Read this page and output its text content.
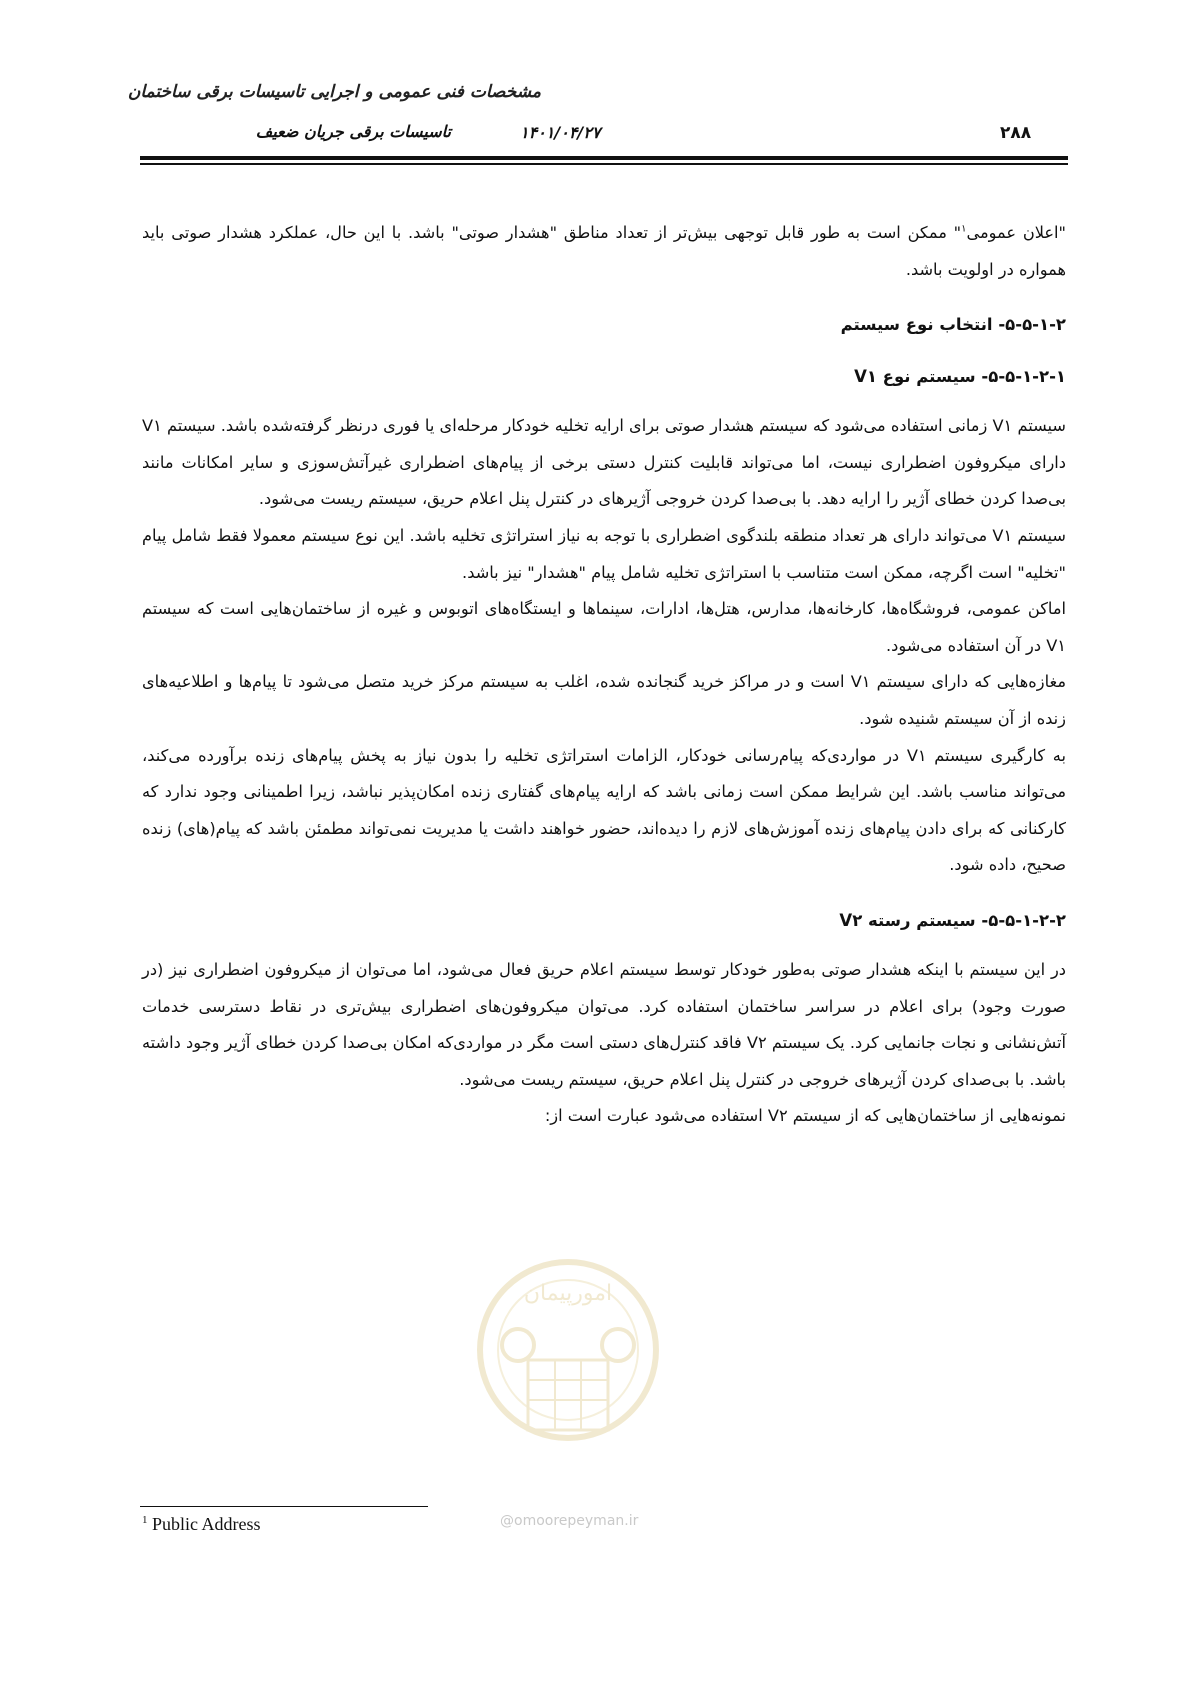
مشخصات فنی عمومی و اجرایی تاسیسات برقی ساختمان
تاسیسات برقی جریان ضعیف	۱۴۰۱/۰۴/۲۷	۲۸۸

"اعلان عمومی$^۱$" ممکن است به طور قابل توجهی بیش‌تر از تعداد مناطق "هشدار صوتی" باشد. با این حال، عملکرد هشدار صوتی باید همواره در اولویت باشد.

۵-۵-۱-۲- انتخاب نوع سیستم
۵-۵-۱-۲-۱- سیستم نوع V۱

سیستم V۱ زمانی استفاده می‌شود که سیستم هشدار صوتی برای ارایه تخلیه خودکار مرحله‌ای یا فوری درنظر گرفته‌شده باشد. سیستم V۱ دارای میکروفون اضطراری نیست، اما می‌تواند قابلیت کنترل دستی برخی از پیام‌های اضطراری غیرآتش‌سوزی و سایر امکانات مانند بی‌صدا کردن خطای آژیر را ارایه دهد. با بی‌صدا کردن خروجی آژیرهای در کنترل پنل اعلام حریق، سیستم ریست می‌شود.

سیستم V۱ می‌تواند دارای هر تعداد منطقه بلندگوی اضطراری با توجه به نیاز استراتژی تخلیه باشد. این نوع سیستم معمولا فقط شامل پیام "تخلیه" است اگرچه، ممکن است متناسب با استراتژی تخلیه شامل پیام "هشدار" نیز باشد.

اماکن عمومی، فروشگاه‌ها، کارخانه‌ها، مدارس، هتل‌ها، ادارات، سینماها و ایستگاه‌های اتوبوس و غیره از ساختمان‌هایی است که سیستم V۱ در آن استفاده می‌شود.

مغازه‌هایی که دارای سیستم V۱ است و در مراکز خرید گنجانده شده، اغلب به سیستم مرکز خرید متصل می‌شود تا پیام‌ها و اطلاعیه‌های زنده از آن سیستم شنیده شود.

به کارگیری سیستم V۱ در مواردی‌که پیام‌رسانی خودکار، الزامات استراتژی تخلیه را بدون نیاز به پخش پیام‌های زنده برآورده می‌کند، می‌تواند مناسب باشد. این شرایط ممکن است زمانی باشد که ارایه پیام‌های گفتاری زنده امکان‌پذیر نباشد، زیرا اطمینانی وجود ندارد که کارکنانی که برای دادن پیام‌های زنده آموزش‌های لازم را دیده‌اند، حضور خواهند داشت یا مدیریت نمی‌تواند مطمئن باشد که پیام(های) زنده صحیح، داده شود.

۵-۵-۱-۲-۲- سیستم رسته V۲

در این سیستم با اینکه هشدار صوتی به‌طور خودکار توسط سیستم اعلام حریق فعال می‌شود، اما می‌توان از میکروفون اضطراری نیز (در صورت وجود) برای اعلام در سراسر ساختمان استفاده کرد. می‌توان میکروفون‌های اضطراری بیش‌تری در نقاط دسترسی خدمات آتش‌نشانی و نجات جانمایی کرد. یک سیستم V۲ فاقد کنترل‌های دستی است مگر در مواردی‌که امکان بی‌صدا کردن خطای آژیر وجود داشته باشد. با بی‌صدای کردن آژیرهای خروجی در کنترل پنل اعلام حریق، سیستم ریست می‌شود.

نمونه‌هایی از ساختمان‌هایی که از سیستم V۲ استفاده می‌شود عبارت است از:

امورپیمان
@omoorepeyman.ir
$^1$ Public Address
